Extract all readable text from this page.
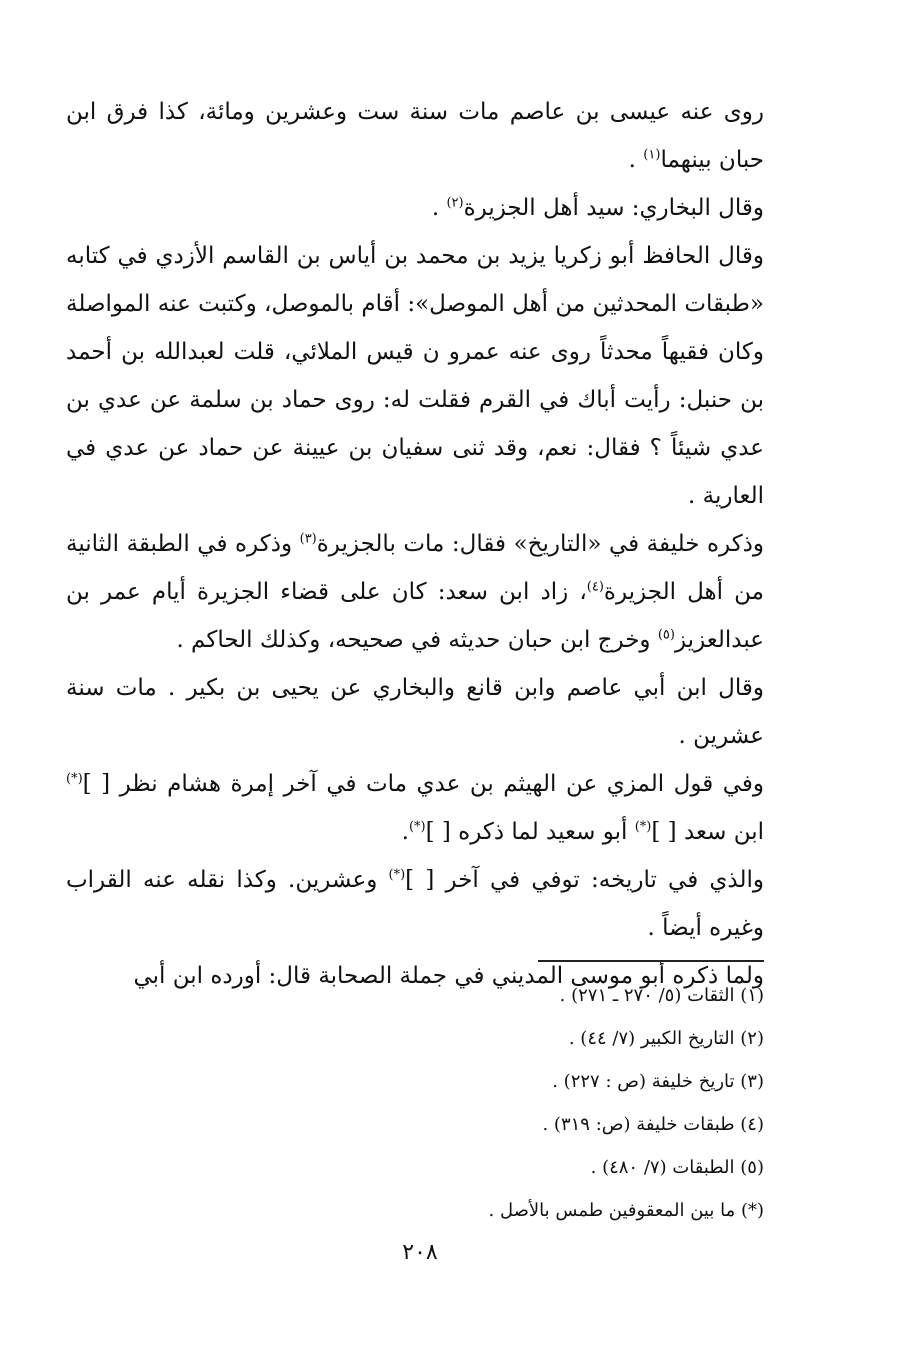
روى عنه عيسى بن عاصم مات سنة ست وعشرين ومائة، كذا فرق ابن حبان بينهما$^{(١)}$ .

وقال البخاري: سيد أهل الجزيرة$^{(٢)}$ .

وقال الحافظ أبو زكريا يزيد بن محمد بن أياس بن القاسم الأزدي في كتابه «طبقات المحدثين من أهل الموصل»: أقام بالموصل، وكتبت عنه المواصلة وكان فقيهاً محدثاً روى عنه عمرو ن قيس الملائي، قلت لعبدالله بن أحمد بن حنبل: رأيت أباك في القرم فقلت له: روى حماد بن سلمة عن عدي بن عدي شيئاً ؟ فقال: نعم، وقد ثنى سفيان بن عيينة عن حماد عن عدي في العارية .

وذكره خليفة في «التاريخ» فقال: مات بالجزيرة$^{(٣)}$ وذكره في الطبقة الثانية من أهل الجزيرة$^{(٤)}$، زاد ابن سعد: كان على قضاء الجزيرة أيام عمر بن عبدالعزيز$^{(٥)}$ وخرج ابن حبان حديثه في صحيحه، وكذلك الحاكم .

وقال ابن أبي عاصم وابن قانع والبخاري عن يحيى بن بكير . مات سنة عشرين .

وفي قول المزي عن الهيثم بن عدي مات في آخر إمرة هشام نظر [ ](*) ابن سعد [ ](*) أبو سعيد لما ذكره [ ](*).

والذي في تاريخه: توفي في آخر [ ](*) وعشرين. وكذا نقله عنه القراب وغيره أيضاً .

ولما ذكره أبو موسى المديني في جملة الصحابة قال: أورده ابن أبي

(١) الثقات (٥/ ٢٧٠ ـ ٢٧١) .
(٢) التاريخ الكبير (٧/ ٤٤) .
(٣) تاريخ خليفة (ص : ٢٢٧) .
(٤) طبقات خليفة (ص: ٣١٩) .
(٥) الطبقات (٧/ ٤٨٠) .
(*) ما بين المعقوفين طمس بالأصل .
٢٠٨
